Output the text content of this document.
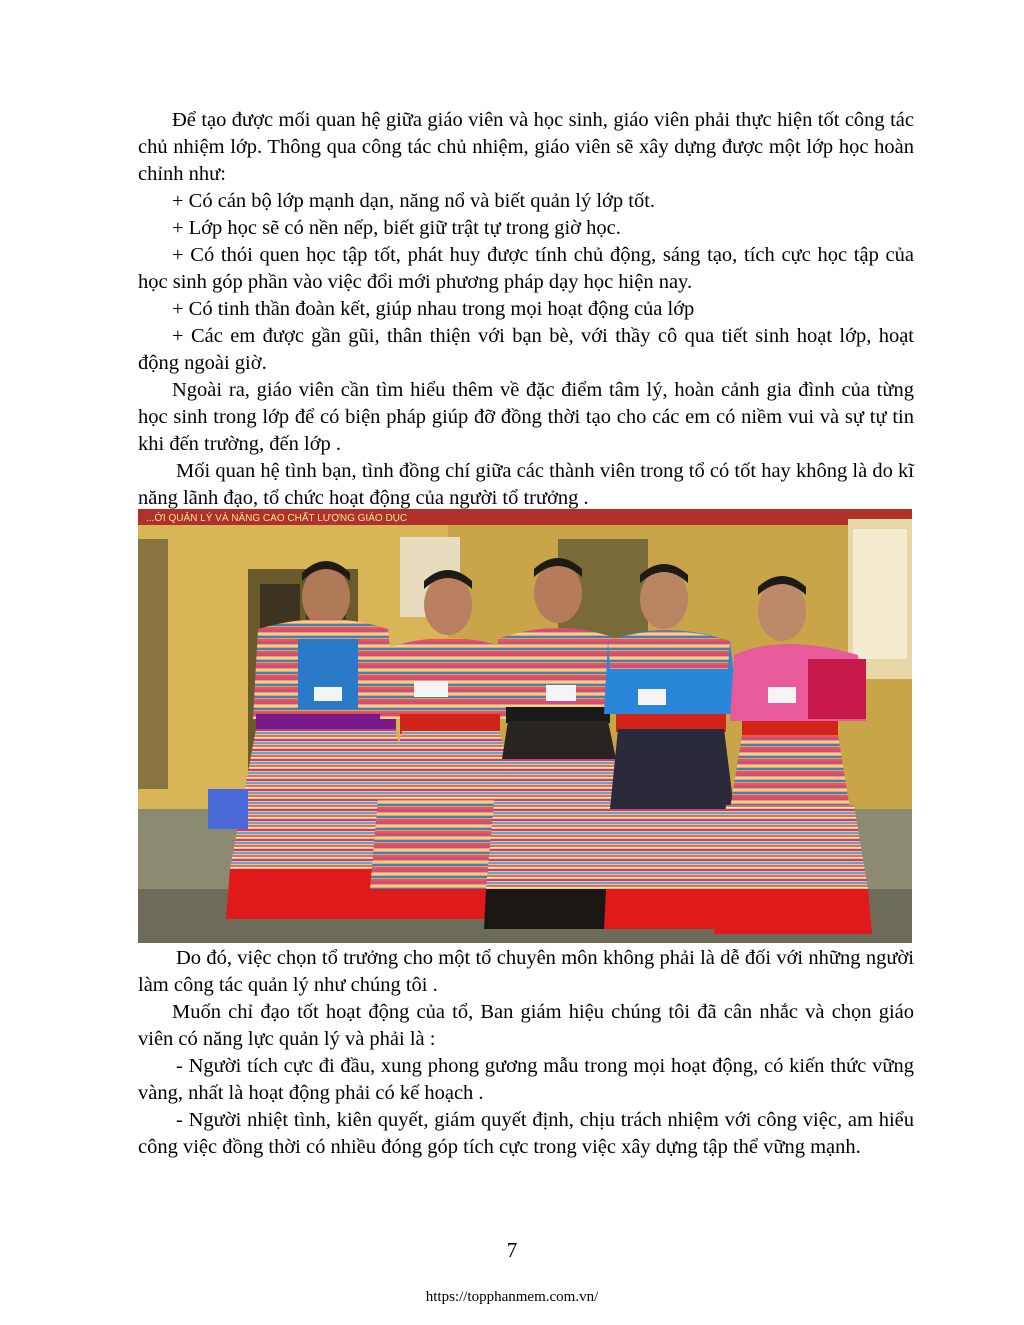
Để tạo được mối quan hệ giữa giáo viên và học sinh, giáo viên phải thực hiện tốt công tác chủ nhiệm lớp. Thông qua công tác chủ nhiệm, giáo viên sẽ xây dựng được một lớp học hoàn chỉnh như:

+ Có cán bộ lớp mạnh dạn, năng nổ và biết quản lý lớp tốt.

+ Lớp học sẽ có nền nếp, biết giữ trật tự trong giờ học.

+ Có thói quen học tập tốt, phát huy được tính chủ động, sáng tạo, tích cực học tập của học sinh góp phần vào việc đổi mới phương pháp dạy học hiện nay.

+ Có tinh thần đoàn kết, giúp nhau trong mọi hoạt động của lớp

+ Các em được gần gũi, thân thiện với bạn bè, với thầy cô qua tiết sinh hoạt lớp, hoạt động ngoài giờ.

Ngoài ra, giáo viên cần tìm hiểu thêm về đặc điểm tâm lý, hoàn cảnh gia đình của từng học sinh trong lớp để có biện pháp giúp đỡ đồng thời tạo cho các em có niềm vui và sự tự tin khi đến trường, đến lớp .

Mối quan hệ tình bạn, tình đồng chí giữa các thành viên trong tổ có tốt hay không là do kĩ năng lãnh đạo, tổ chức hoạt động của người tổ trưởng .

...ỚI QUẢN LÝ VÀ NÂNG CAO CHẤT LƯỢNG GIÁO DỤC

Do đó, việc chọn tổ trưởng cho một tổ chuyên môn không phải là dễ đối với những người làm công tác quản lý như chúng tôi .

Muốn chỉ đạo tốt hoạt động của tổ, Ban giám hiệu chúng tôi đã cân nhắc và chọn giáo viên có năng lực quản lý và phải là :

- Người tích cực đi đầu, xung phong gương mẫu trong mọi hoạt động, có kiến thức vững vàng, nhất là hoạt động phải có kế hoạch .

- Người nhiệt tình, kiên quyết, giám quyết định, chịu trách nhiệm với công việc, am hiểu công việc đồng thời có nhiều đóng góp tích cực trong việc xây dựng tập thể vững mạnh.

7
https://topphanmem.com.vn/
